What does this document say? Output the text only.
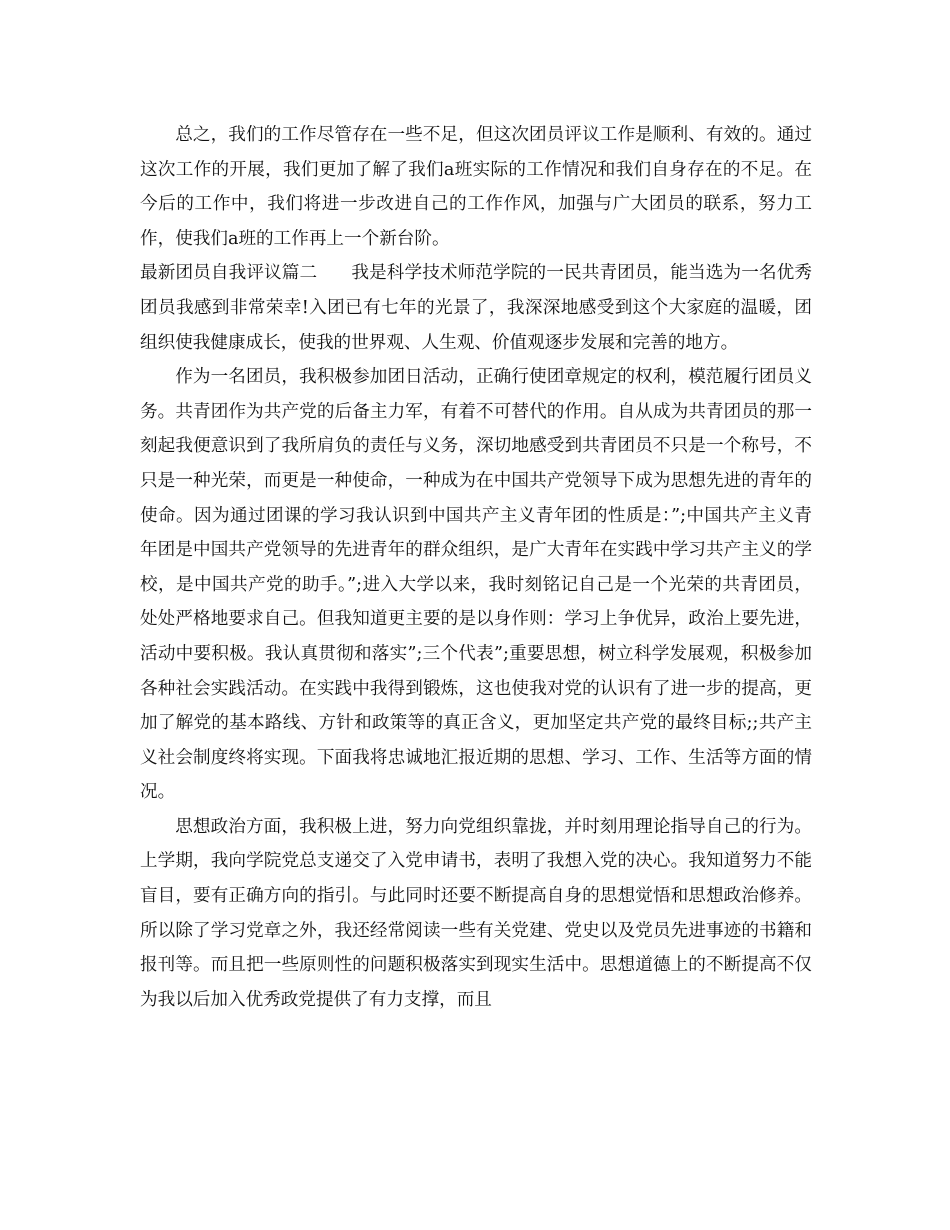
总之，我们的工作尽管存在一些不足，但这次团员评议工作是顺利、有效的。通过这次工作的开展，我们更加了解了我们a班实际的工作情况和我们自身存在的不足。在今后的工作中，我们将进一步改进自己的工作作风，加强与广大团员的联系，努力工作，使我们a班的工作再上一个新台阶。

最新团员自我评议篇二 我是科学技术师范学院的一民共青团员，能当选为一名优秀团员我感到非常荣幸!入团已有七年的光景了，我深深地感受到这个大家庭的温暖，团组织使我健康成长，使我的世界观、人生观、价值观逐步发展和完善的地方。

作为一名团员，我积极参加团日活动，正确行使团章规定的权利，模范履行团员义务。共青团作为共产党的后备主力军，有着不可替代的作用。自从成为共青团员的那一刻起我便意识到了我所肩负的责任与义务，深切地感受到共青团员不只是一个称号，不只是一种光荣，而更是一种使命，一种成为在中国共产党领导下成为思想先进的青年的使命。因为通过团课的学习我认识到中国共产主义青年团的性质是：”;中国共产主义青年团是中国共产党领导的先进青年的群众组织，是广大青年在实践中学习共产主义的学校，是中国共产党的助手。”;进入大学以来，我时刻铭记自己是一个光荣的共青团员，处处严格地要求自己。但我知道更主要的是以身作则：学习上争优异，政治上要先进，活动中要积极。我认真贯彻和落实”;三个代表”;重要思想，树立科学发展观，积极参加各种社会实践活动。在实践中我得到锻炼，这也使我对党的认识有了进一步的提高，更加了解党的基本路线、方针和政策等的真正含义，更加坚定共产党的最终目标;;共产主义社会制度终将实现。下面我将忠诚地汇报近期的思想、学习、工作、生活等方面的情况。

思想政治方面，我积极上进，努力向党组织靠拢，并时刻用理论指导自己的行为。上学期，我向学院党总支递交了入党申请书，表明了我想入党的决心。我知道努力不能盲目，要有正确方向的指引。与此同时还要不断提高自身的思想觉悟和思想政治修养。所以除了学习党章之外，我还经常阅读一些有关党建、党史以及党员先进事迹的书籍和报刊等。而且把一些原则性的问题积极落实到现实生活中。思想道德上的不断提高不仅为我以后加入优秀政党提供了有力支撑，而且
